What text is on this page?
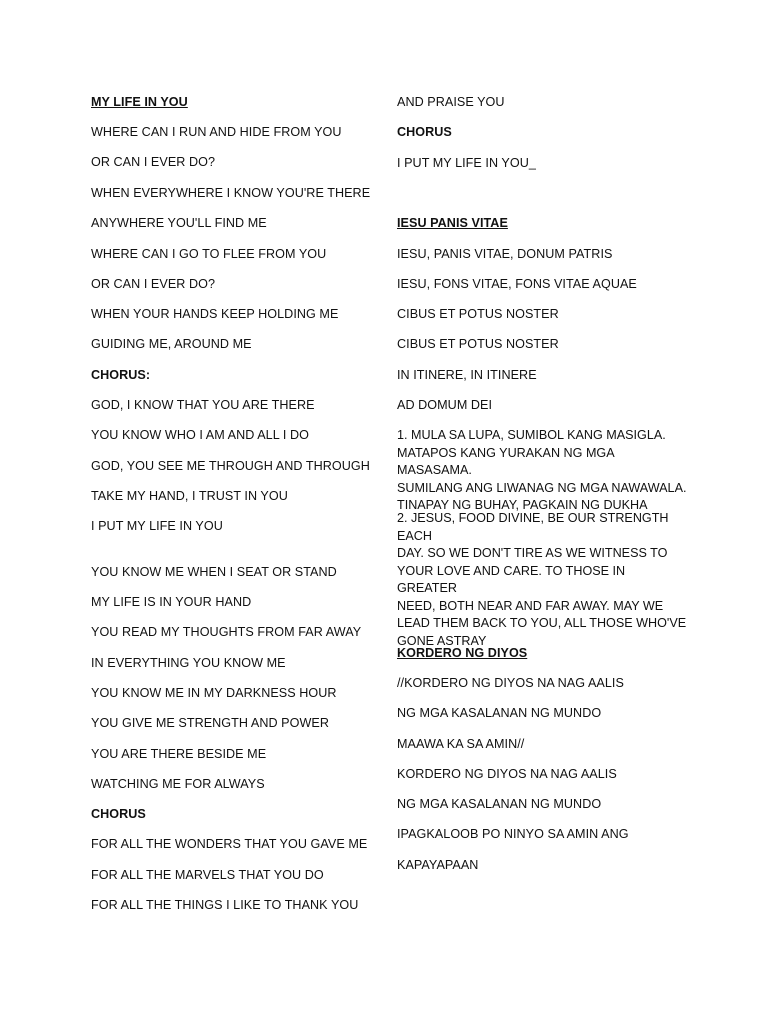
MY LIFE IN YOU
WHERE CAN I RUN AND HIDE FROM YOU
OR CAN I EVER DO?
WHEN EVERYWHERE I KNOW YOU'RE THERE
ANYWHERE YOU'LL FIND ME
WHERE CAN I GO TO FLEE FROM YOU
OR CAN I EVER DO?
WHEN YOUR HANDS KEEP HOLDING ME
GUIDING ME, AROUND ME
CHORUS:
GOD, I KNOW THAT YOU ARE THERE
YOU KNOW WHO I AM AND ALL I DO
GOD, YOU SEE ME THROUGH AND THROUGH
TAKE MY HAND, I TRUST IN YOU
I PUT MY LIFE IN YOU
YOU KNOW ME WHEN I SEAT OR STAND
MY LIFE IS IN YOUR HAND
YOU READ MY THOUGHTS FROM FAR AWAY
IN EVERYTHING YOU KNOW ME
YOU KNOW ME IN MY DARKNESS HOUR
YOU GIVE ME STRENGTH AND POWER
YOU ARE THERE BESIDE ME
WATCHING ME FOR ALWAYS
CHORUS
FOR ALL THE WONDERS THAT YOU GAVE ME
FOR ALL THE MARVELS THAT YOU DO
FOR ALL THE THINGS I LIKE TO THANK YOU
AND PRAISE YOU
CHORUS
I PUT MY LIFE IN YOU_
IESU PANIS VITAE
IESU, PANIS VITAE, DONUM PATRIS
IESU, FONS VITAE, FONS VITAE AQUAE
CIBUS ET POTUS NOSTER
CIBUS ET POTUS NOSTER
IN ITINERE, IN ITINERE
AD DOMUM DEI
1. MULA SA LUPA, SUMIBOL KANG MASIGLA.
MATAPOS KANG YURAKAN NG MGA MASASAMA.
SUMILANG ANG LIWANAG NG MGA NAWAWALA.
TINAPAY NG BUHAY, PAGKAIN NG DUKHA
2. JESUS, FOOD DIVINE, BE OUR STRENGTH EACH
DAY. SO WE DON'T TIRE AS WE WITNESS TO
YOUR LOVE AND CARE. TO THOSE IN GREATER
NEED, BOTH NEAR AND FAR AWAY. MAY WE
LEAD THEM BACK TO YOU, ALL THOSE WHO'VE
GONE ASTRAY
KORDERO NG DIYOS
//KORDERO NG DIYOS NA NAG AALIS
NG MGA KASALANAN NG MUNDO
MAAWA KA SA AMIN//
KORDERO NG DIYOS NA NAG AALIS
NG MGA KASALANAN NG MUNDO
IPAGKALOOB PO NINYO SA AMIN ANG
KAPAYAPAAN
